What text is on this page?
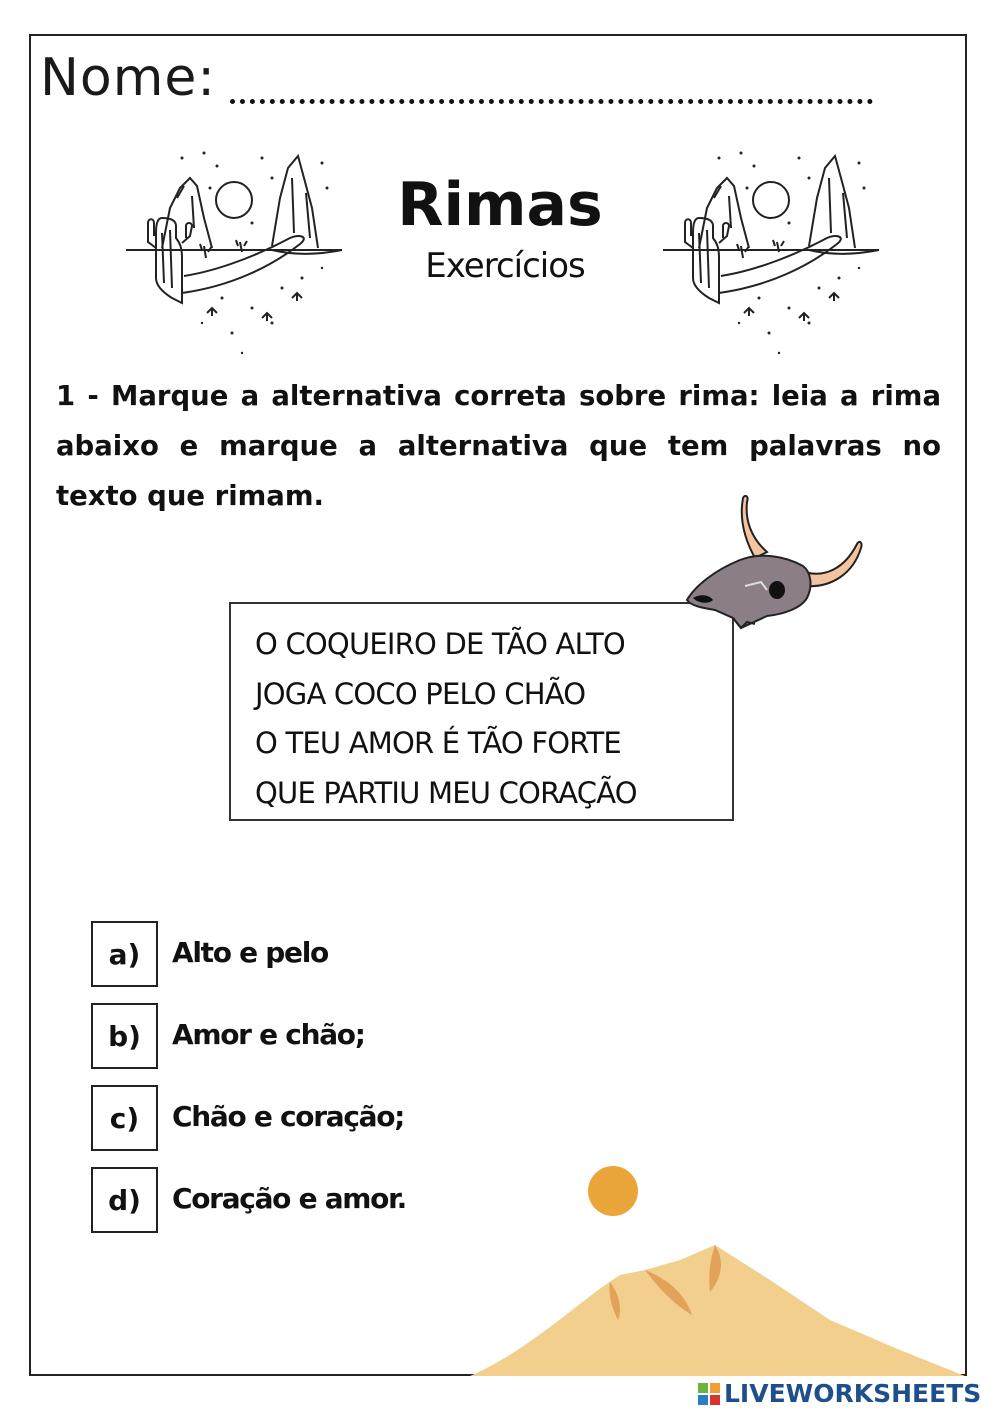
Nome:
Rimas
Exercícios
1 - Marque a alternativa correta sobre rima: leia a rima abaixo e marque a alternativa que tem palavras no texto que rimam.
O COQUEIRO DE TÃO ALTO
JOGA COCO PELO CHÃO
O TEU AMOR É TÃO FORTE
QUE PARTIU MEU CORAÇÃO
a) Alto e pelo
b) Amor e chão;
c) Chão e coração;
d) Coração e amor.
LIVEWORKSHEETS
